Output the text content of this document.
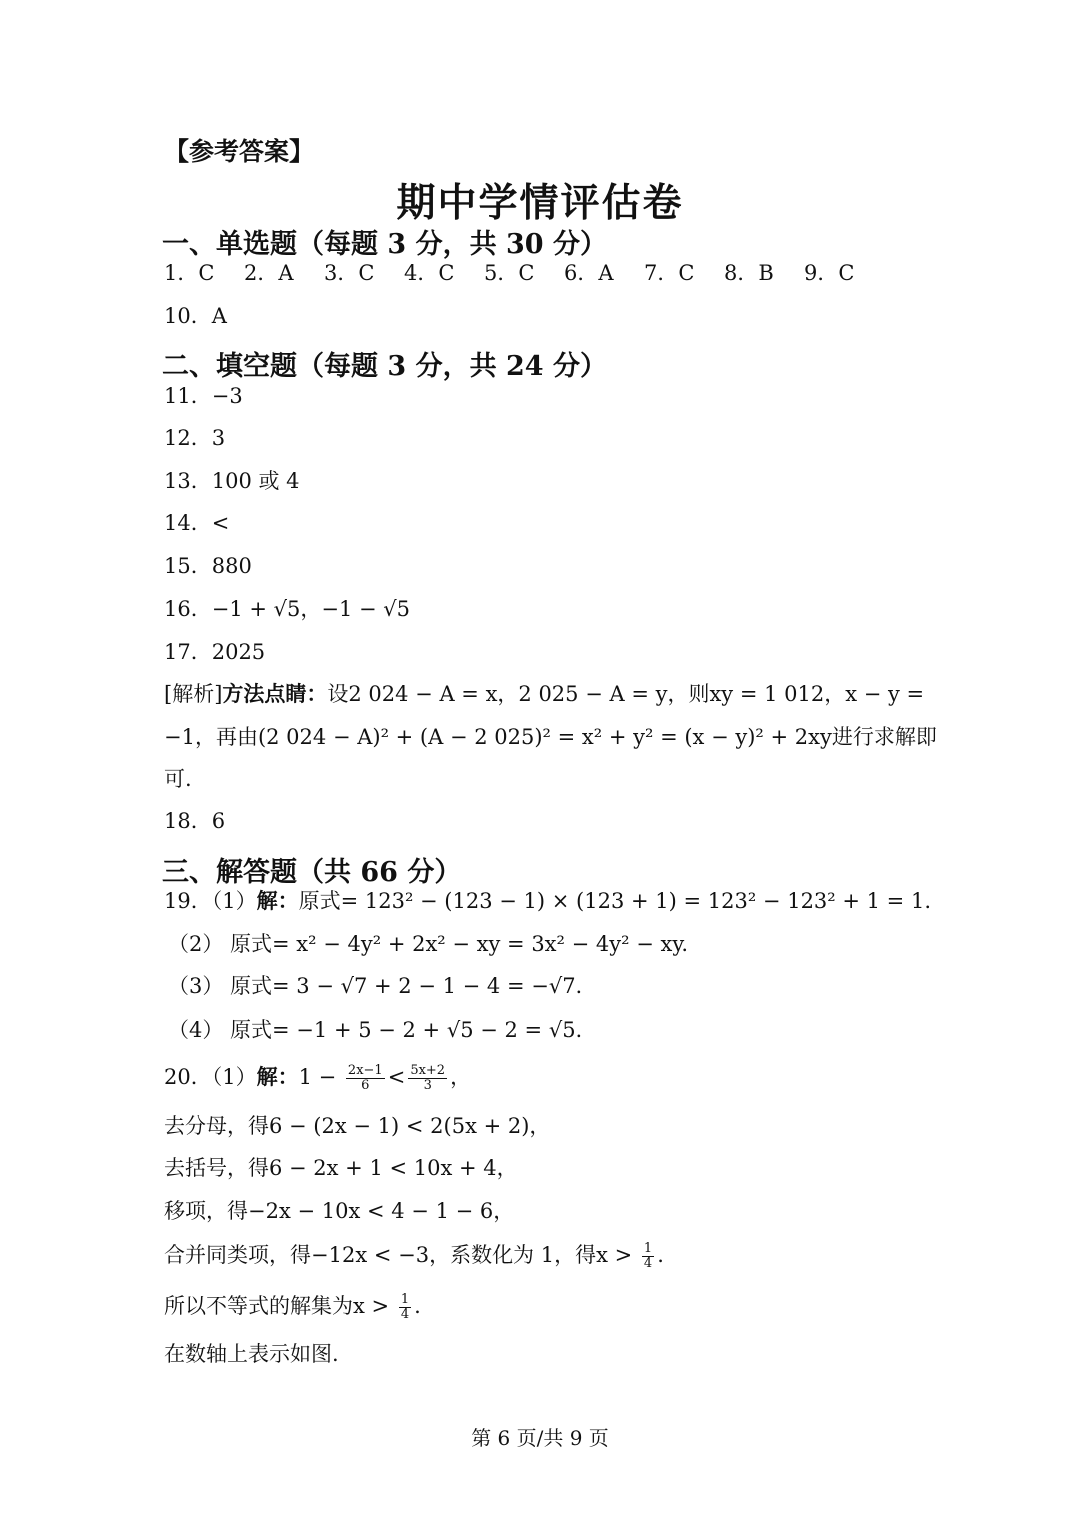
【参考答案】
期中学情评估卷
一、单选题（每题 3 分，共 30 分）
1．C 2．A 3．C 4．C 5．C 6．A 7．C 8．B 9．C
10．A
二、填空题（每题 3 分，共 24 分）
11．−3
12．3
13．100 或 4
14．<
15．880
16．−1 + √5，−1 − √5
17．2025
[解析]方法点睛：设2 024 − A = x，2 025 − A = y，则xy = 1 012，x − y =
−1，再由(2 024 − A)² + (A − 2 025)² = x² + y² = (x − y)² + 2xy进行求解即
可.
18．6
三、解答题（共 66 分）
19．（1）解：原式= 123² − (123 − 1) × (123 + 1) = 123² − 123² + 1 = 1.
（2） 原式= x² − 4y² + 2x² − xy = 3x² − 4y² − xy.
（3） 原式= 3 − √7 + 2 − 1 − 4 = −√7.
（4） 原式= −1 + 5 − 2 + √5 − 2 = √5.
20．（1）解：$1 - \frac{2x-1}{6} < \frac{5x+2}{3}$ ，
去分母，得6 − (2x − 1) < 2(5x + 2)，
去括号，得6 − 2x + 1 < 10x + 4，
移项，得−2x − 10x < 4 − 1 − 6，
合并同类项，得−12x < −3，系数化为 1，得$x > \frac{1}{4}$ .
所以不等式的解集为$x > \frac{1}{4}$ .
在数轴上表示如图.
第 6 页/共 9 页
